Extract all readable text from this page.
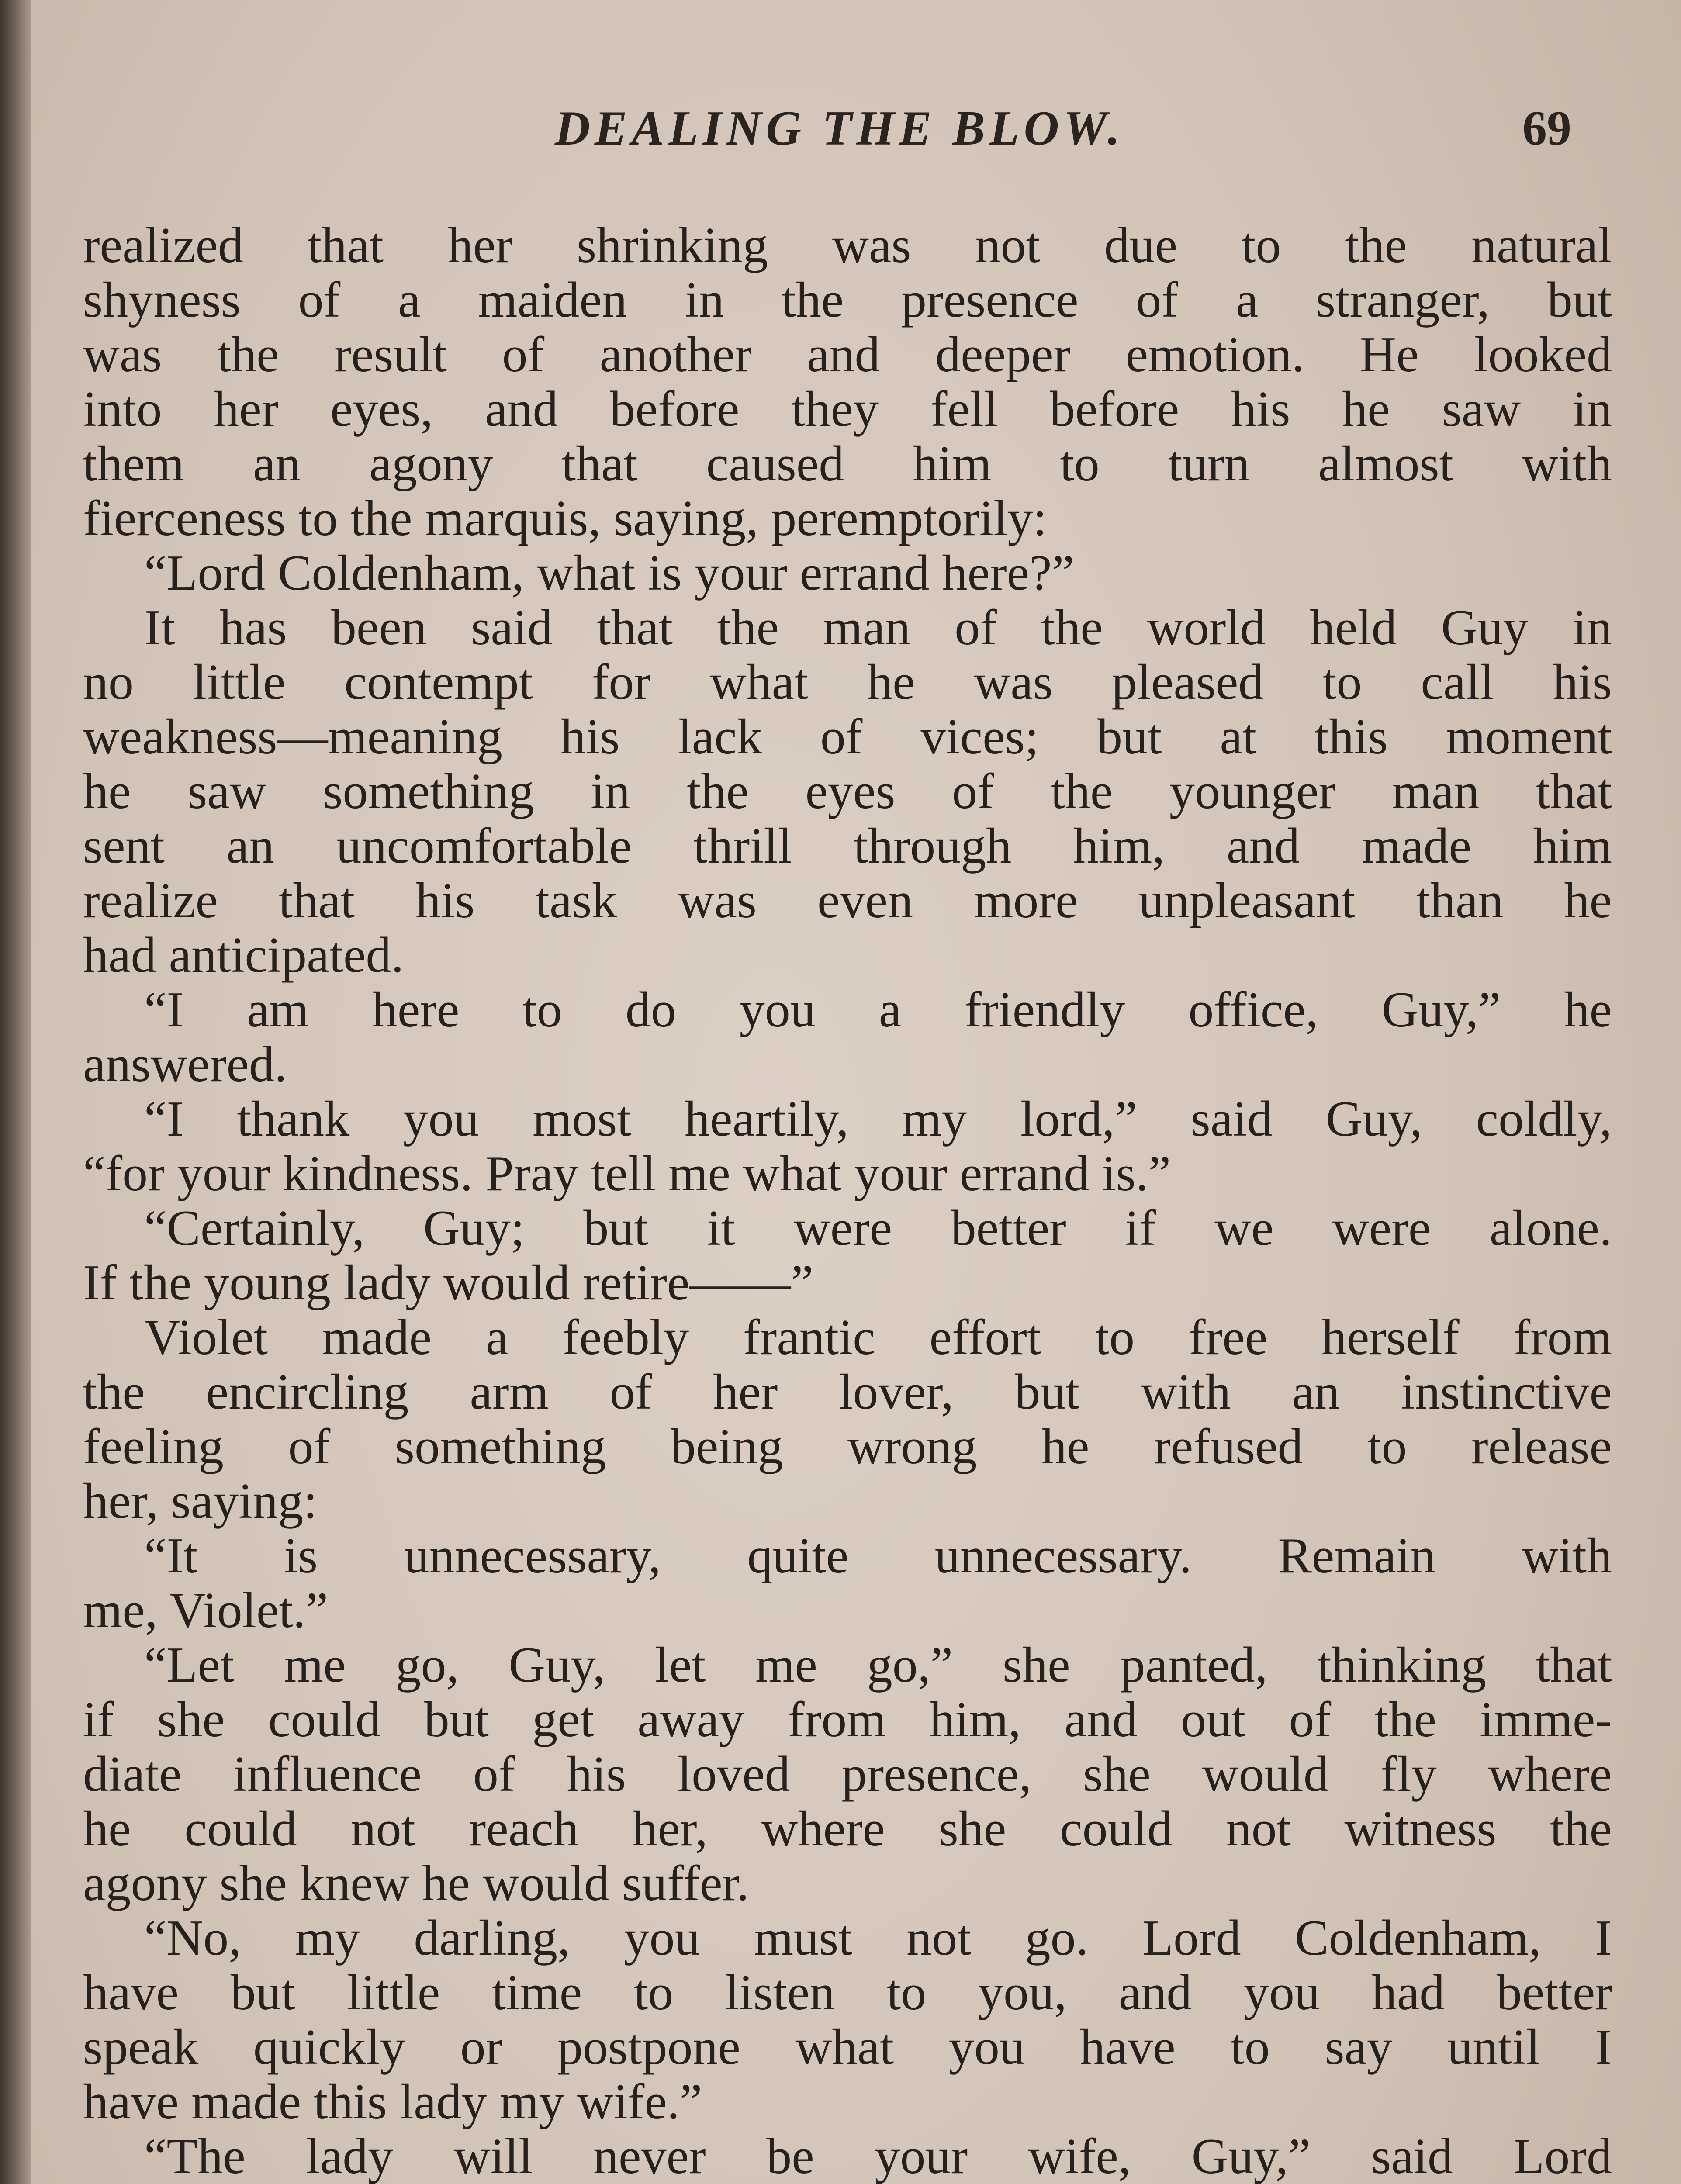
DEALING THE BLOW.	69
realized that her shrinking was not due to the natural
shyness of a maiden in the presence of a stranger, but
was the result of another and deeper emotion. He looked
into her eyes, and before they fell before his he saw in
them an agony that caused him to turn almost with
fierceness to the marquis, saying, peremptorily:
“Lord Coldenham, what is your errand here?”
It has been said that the man of the world held Guy in
no little contempt for what he was pleased to call his
weakness—meaning his lack of vices; but at this moment
he saw something in the eyes of the younger man that
sent an uncomfortable thrill through him, and made him
realize that his task was even more unpleasant than he
had anticipated.
“I am here to do you a friendly office, Guy,” he
answered.
“I thank you most heartily, my lord,” said Guy, coldly,
“for your kindness. Pray tell me what your errand is.”
“Certainly, Guy; but it were better if we were alone.
If the young lady would retire——”
Violet made a feebly frantic effort to free herself from
the encircling arm of her lover, but with an instinctive
feeling of something being wrong he refused to release
her, saying:
“It is unnecessary, quite unnecessary. Remain with
me, Violet.”
“Let me go, Guy, let me go,” she panted, thinking that
if she could but get away from him, and out of the imme-
diate influence of his loved presence, she would fly where
he could not reach her, where she could not witness the
agony she knew he would suffer.
“No, my darling, you must not go. Lord Coldenham, I
have but little time to listen to you, and you had better
speak quickly or postpone what you have to say until I
have made this lady my wife.”
“The lady will never be your wife, Guy,” said Lord
